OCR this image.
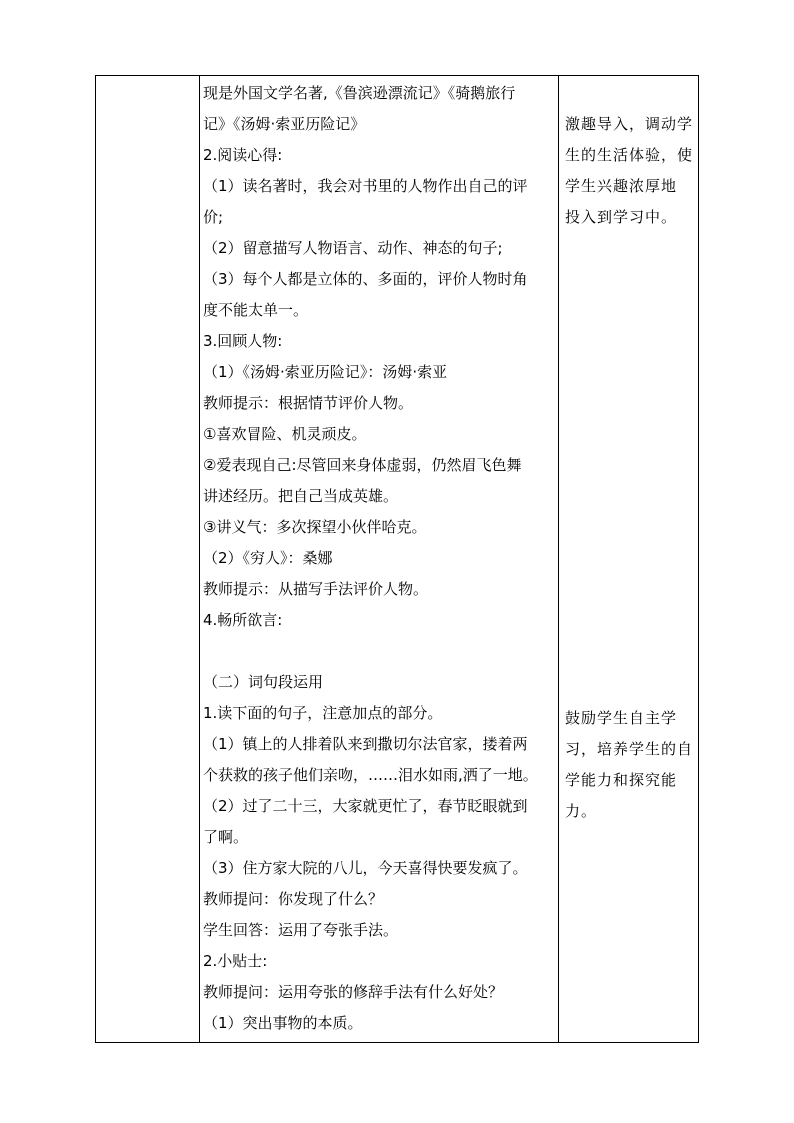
现是外国文学名著,《鲁滨逊漂流记》《骑鹅旅行
记》《汤姆·索亚历险记》
2.阅读心得:
（1）读名著时，我会对书里的人物作出自己的评
价;
（2）留意描写人物语言、动作、神态的句子;
（3）每个人都是立体的、多面的，评价人物时角
度不能太单一。
3.回顾人物:
（1）《汤姆·索亚历险记》：汤姆·索亚
教师提示：根据情节评价人物。
①喜欢冒险、机灵顽皮。
②爱表现自己:尽管回来身体虚弱，仍然眉飞色舞
讲述经历。把自己当成英雄。
③讲义气：多次探望小伙伴哈克。
（2）《穷人》：桑娜
教师提示：从描写手法评价人物。
4.畅所欲言:
（二）词句段运用
1.读下面的句子，注意加点的部分。
（1）镇上的人排着队来到撒切尔法官家，搂着两
个获救的孩子他们亲吻，……泪水如雨,洒了一地。
（2）过了二十三，大家就更忙了，春节眨眼就到
了啊。
（3）住方家大院的八儿，今天喜得快要发疯了。
教师提问：你发现了什么？
学生回答：运用了夸张手法。
2.小贴士:
教师提问：运用夸张的修辞手法有什么好处？
（1）突出事物的本质。
激趣导入，调动学
生的生活体验，使
学生兴趣浓厚地
投入到学习中。
鼓励学生自主学
习，培养学生的自
学能力和探究能
力。
